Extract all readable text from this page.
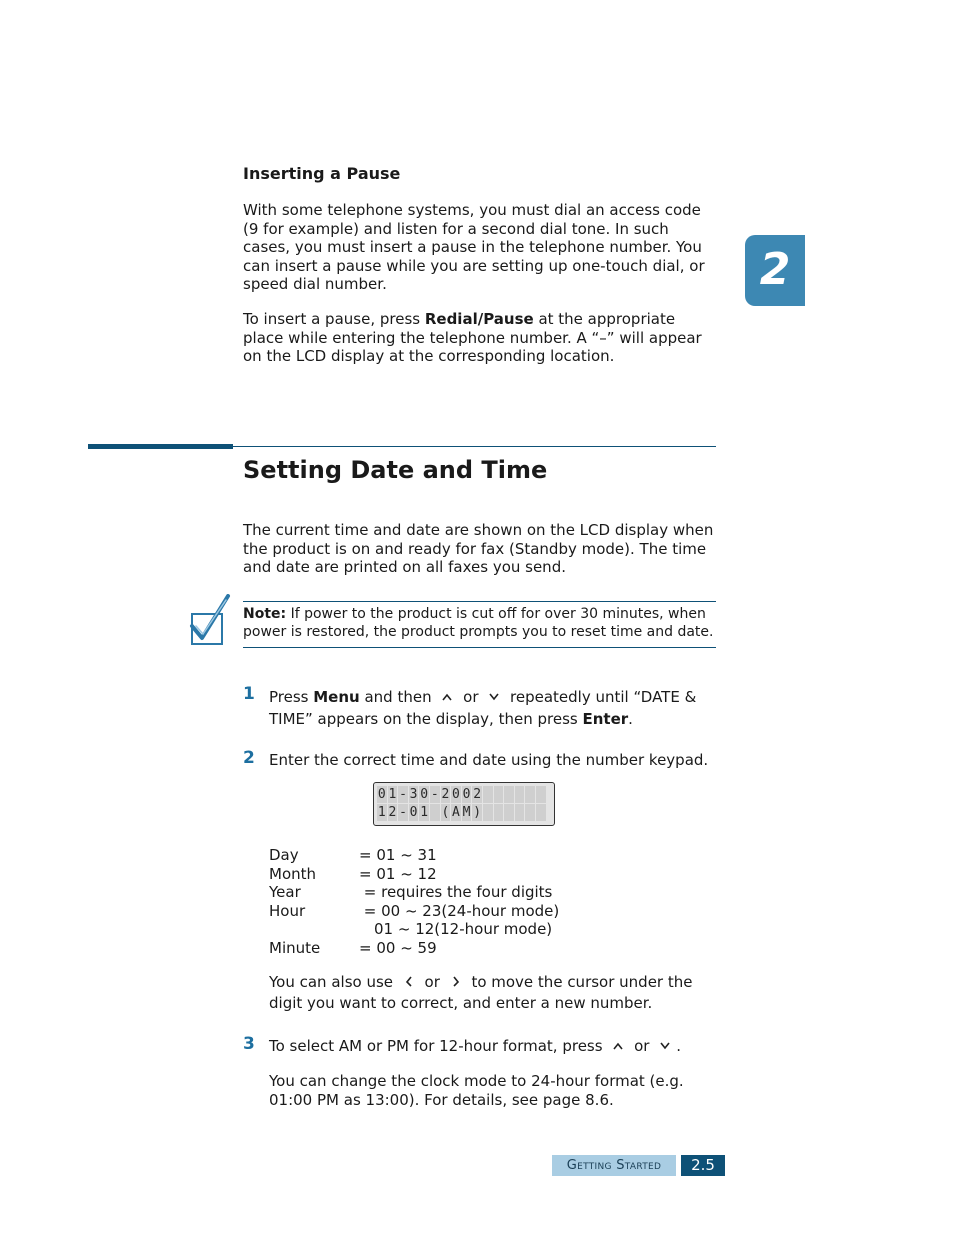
Inserting a Pause
With some telephone systems, you must dial an access code (9 for example) and listen for a second dial tone. In such cases, you must insert a pause in the telephone number. You can insert a pause while you are setting up one-touch dial, or speed dial number.
To insert a pause, press Redial/Pause at the appropriate place while entering the telephone number. A “–” will appear on the LCD display at the corresponding location.
2
Setting Date and Time
The current time and date are shown on the LCD display when the product is on and ready for fax (Standby mode). The time and date are printed on all faxes you send.
Note: If power to the product is cut off for over 30 minutes, when power is restored, the product prompts you to reset time and date.
1 Press Menu and then  or  repeatedly until “DATE & TIME” appears on the display, then press Enter.
2 Enter the correct time and date using the number keypad.
0 1 - 3 0 - 2 0 0 2
1 2 - 0 1 ( A M )
Day	= 01 ~ 31
Month	= 01 ~ 12
Year	= requires the four digits
Hour	= 00 ~ 23(24-hour mode)
01 ~ 12(12-hour mode)
Minute	= 00 ~ 59
You can also use  or  to move the cursor under the digit you want to correct, and enter a new number.
3 To select AM or PM for 12-hour format, press  or .
You can change the clock mode to 24-hour format (e.g. 01:00 PM as 13:00). For details, see page 8.6.
Getting Started	2.5
